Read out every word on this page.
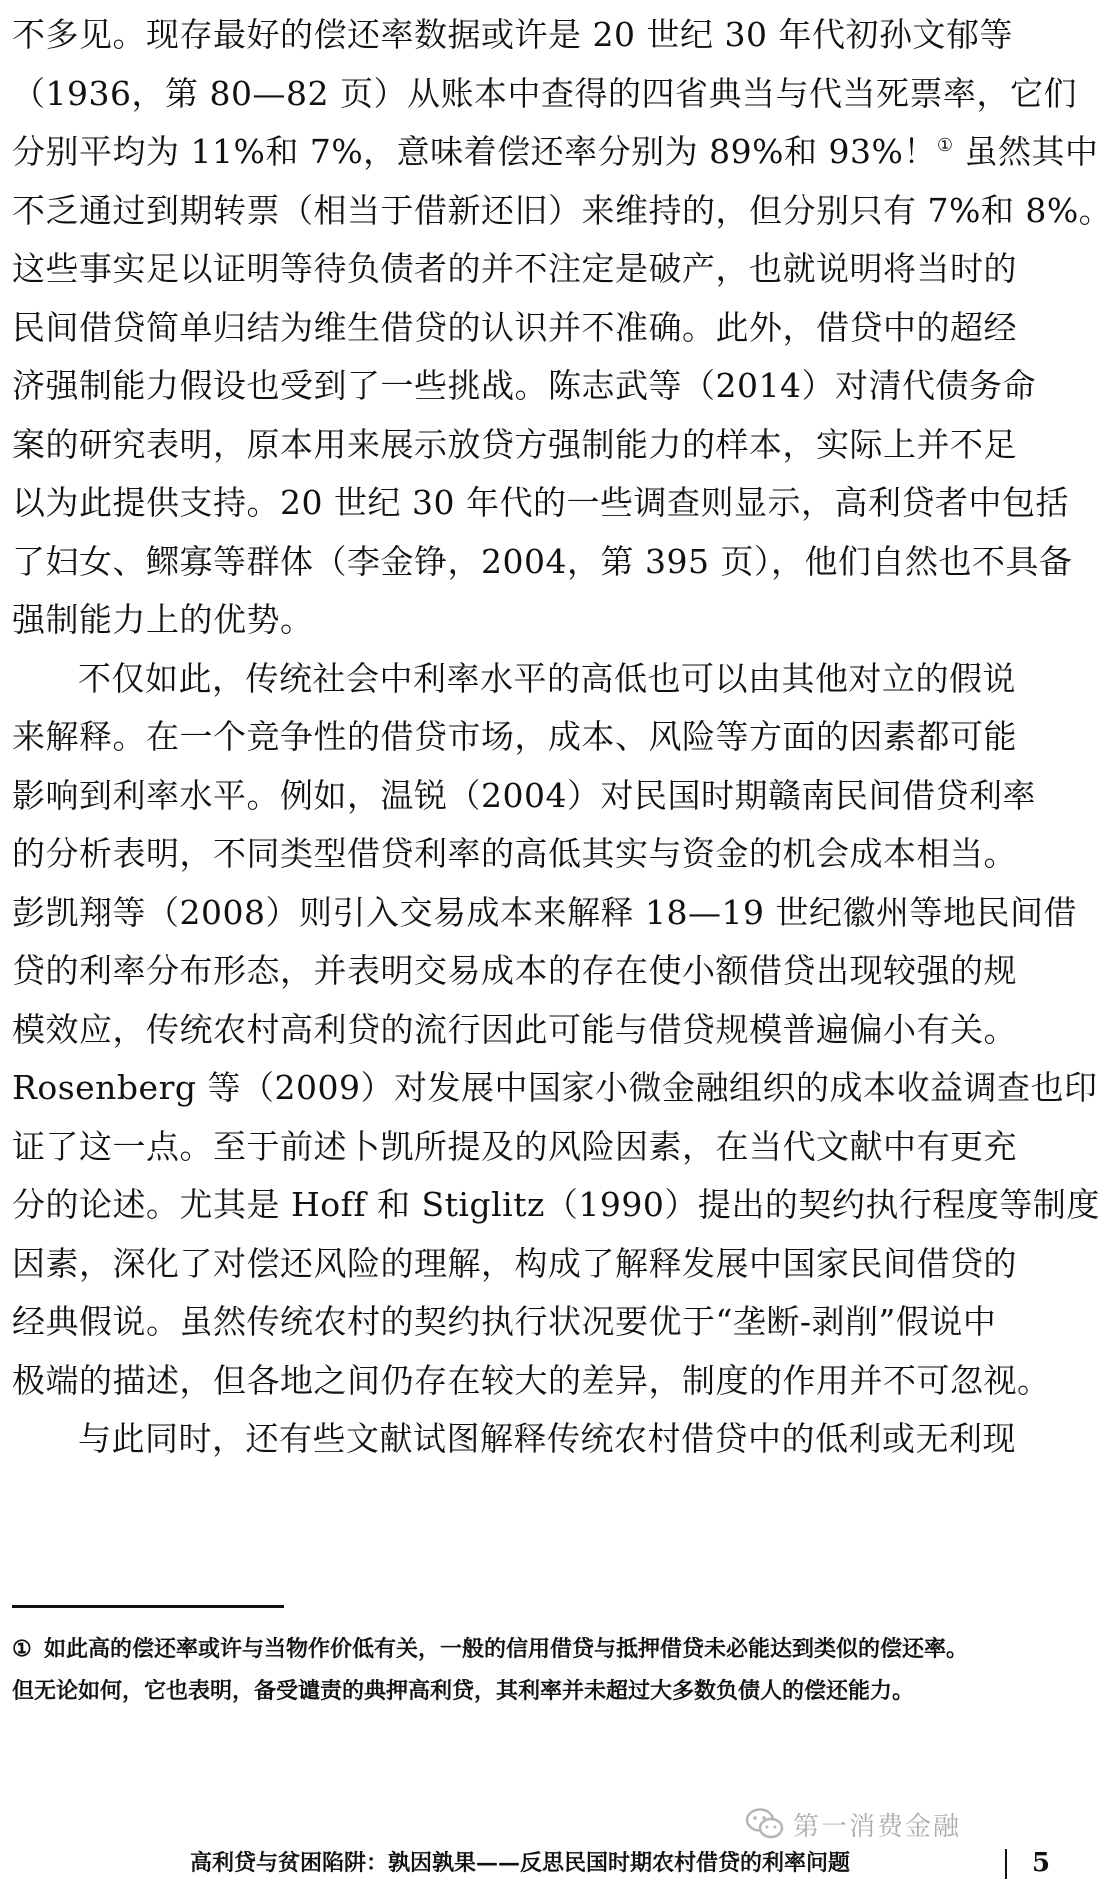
不多见。现存最好的偿还率数据或许是 20 世纪 30 年代初孙文郁等
（1936，第 80—82 页）从账本中查得的四省典当与代当死票率，它们
分别平均为 11%和 7%，意味着偿还率分别为 89%和 93%！① 虽然其中
不乏通过到期转票（相当于借新还旧）来维持的，但分别只有 7%和 8%。
这些事实足以证明等待负债者的并不注定是破产，也就说明将当时的
民间借贷简单归结为维生借贷的认识并不准确。此外，借贷中的超经
济强制能力假设也受到了一些挑战。陈志武等（2014）对清代债务命
案的研究表明，原本用来展示放贷方强制能力的样本，实际上并不足
以为此提供支持。20 世纪 30 年代的一些调查则显示，高利贷者中包括
了妇女、鳏寡等群体（李金铮，2004，第 395 页），他们自然也不具备
强制能力上的优势。
不仅如此，传统社会中利率水平的高低也可以由其他对立的假说
来解释。在一个竞争性的借贷市场，成本、风险等方面的因素都可能
影响到利率水平。例如，温锐（2004）对民国时期赣南民间借贷利率
的分析表明，不同类型借贷利率的高低其实与资金的机会成本相当。
彭凯翔等（2008）则引入交易成本来解释 18—19 世纪徽州等地民间借
贷的利率分布形态，并表明交易成本的存在使小额借贷出现较强的规
模效应，传统农村高利贷的流行因此可能与借贷规模普遍偏小有关。
Rosenberg 等（2009）对发展中国家小微金融组织的成本收益调查也印
证了这一点。至于前述卜凯所提及的风险因素，在当代文献中有更充
分的论述。尤其是 Hoff 和 Stiglitz（1990）提出的契约执行程度等制度
因素，深化了对偿还风险的理解，构成了解释发展中国家民间借贷的
经典假说。虽然传统农村的契约执行状况要优于“垄断-剥削”假说中
极端的描述，但各地之间仍存在较大的差异，制度的作用并不可忽视。
与此同时，还有些文献试图解释传统农村借贷中的低利或无利现
① 如此高的偿还率或许与当物作价低有关，一般的信用借贷与抵押借贷未必能达到类似的偿还率。
但无论如何，它也表明，备受谴责的典押高利贷，其利率并未超过大多数负债人的偿还能力。
第一消费金融
高利贷与贫困陷阱：孰因孰果——反思民国时期农村借贷的利率问题	5
